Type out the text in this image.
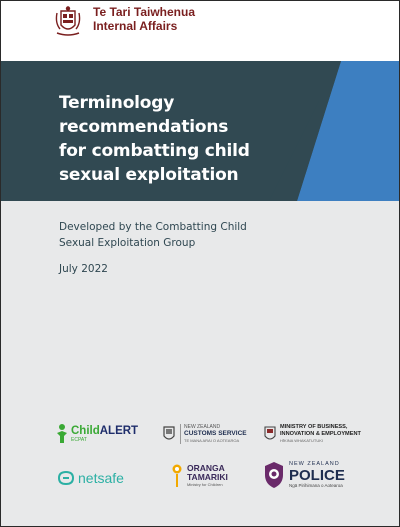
Te Tari Taiwhenua
Internal Affairs
Terminology
recommendations
for combatting child
sexual exploitation
Developed by the Combatting Child
Sexual Exploitation Group
July 2022
ChildALERT
ECPAT
NEW ZEALAND
CUSTOMS SERVICE
TE MANA ARAI O AOTEAROA
MINISTRY OF BUSINESS,
INNOVATION & EMPLOYMENT
HĪKINA WHAKATUTUKI
netsafe
ORANGA
TAMARIKI
Ministry for Children
NEW ZEALAND
POLICE
Ngā Pirihimana o Aotearoa
